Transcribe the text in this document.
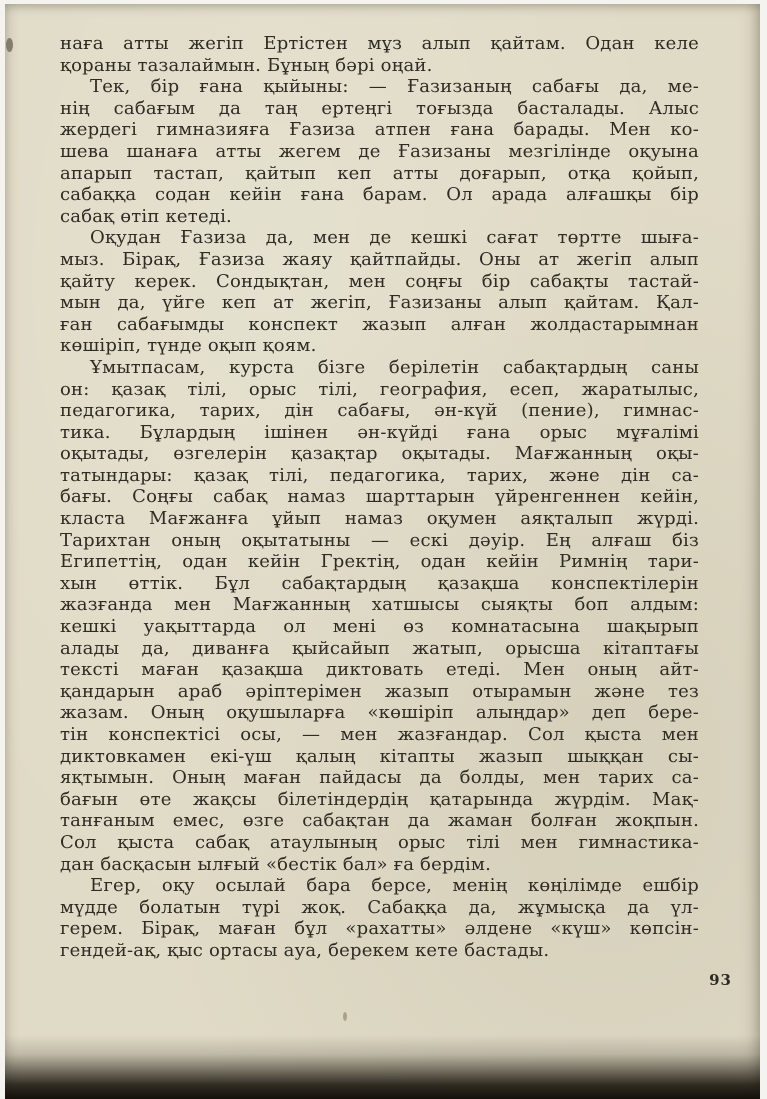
наға атты жегіп Ертістен мұз алып қайтам. Одан келе
қораны тазалаймын. Бұның бәрі оңай.

Тек, бір ғана қыйыны: — Ғазизаның сабағы да, ме-
нің сабағым да таң ертеңгі тоғызда басталады. Алыс
жердегі гимназияға Ғазиза атпен ғана барады. Мен ко-
шева шанаға атты жегем де Ғазизаны мезгілінде оқуына
апарып тастап, қайтып кеп атты доғарып, отқа қойып,
сабаққа содан кейін ғана барам. Ол арада алғашқы бір
сабақ өтіп кетеді.

Оқудан Ғазиза да, мен де кешкі сағат төртте шыға-
мыз. Бірақ, Ғазиза жаяу қайтпайды. Оны ат жегіп алып
қайту керек. Сондықтан, мен соңғы бір сабақты тастай-
мын да, үйге кеп ат жегіп, Ғазизаны алып қайтам. Қал-
ған сабағымды конспект жазып алған жолдастарымнан
көшіріп, түнде оқып қоям.

Ұмытпасам, курста бізге берілетін сабақтардың саны
он: қазақ тілі, орыс тілі, география, есеп, жаратылыс,
педагогика, тарих, дін сабағы, ән-күй (пение), гимнас-
тика. Бұлардың ішінен ән-күйді ғана орыс мұғалімі
оқытады, өзгелерін қазақтар оқытады. Мағжанның оқы-
татындары: қазақ тілі, педагогика, тарих, және дін са-
бағы. Соңғы сабақ намаз шарттарын үйренгеннен кейін,
класта Мағжанға ұйып намаз оқумен аяқталып жүрді.
Тарихтан оның оқытатыны — ескі дәуір. Ең алғаш біз
Египеттің, одан кейін Гректің, одан кейін Римнің тари-
хын өттік. Бұл сабақтардың қазақша конспектілерін
жазғанда мен Мағжанның хатшысы сыяқты боп алдым:
кешкі уақыттарда ол мені өз комнатасына шақырып
алады да, диванға қыйсайып жатып, орысша кітаптағы
тексті маған қазақша диктовать етеді. Мен оның айт-
қандарын араб әріптерімен жазып отырамын және тез
жазам. Оның оқушыларға «көшіріп алыңдар» деп бере-
тін конспектісі осы, — мен жазғандар. Сол қыста мен
диктовкамен екі-үш қалың кітапты жазып шыққан сы-
яқтымын. Оның маған пайдасы да болды, мен тарих са-
бағын өте жақсы білетіндердің қатарында жүрдім. Мақ-
танғаным емес, өзге сабақтан да жаман болған жоқпын.
Сол қыста сабақ атаулының орыс тілі мен гимнастика-
дан басқасын ылғый «бестік бал» ға бердім.

Егер, оқу осылай бара берсе, менің көңілімде ешбір
мүдде болатын түрі жоқ. Сабаққа да, жұмысқа да үл-
герем. Бірақ, маған бұл «рахатты» әлдене «күш» көпсін-
гендей-ақ, қыс ортасы ауа, берекем кете бастады.

93
